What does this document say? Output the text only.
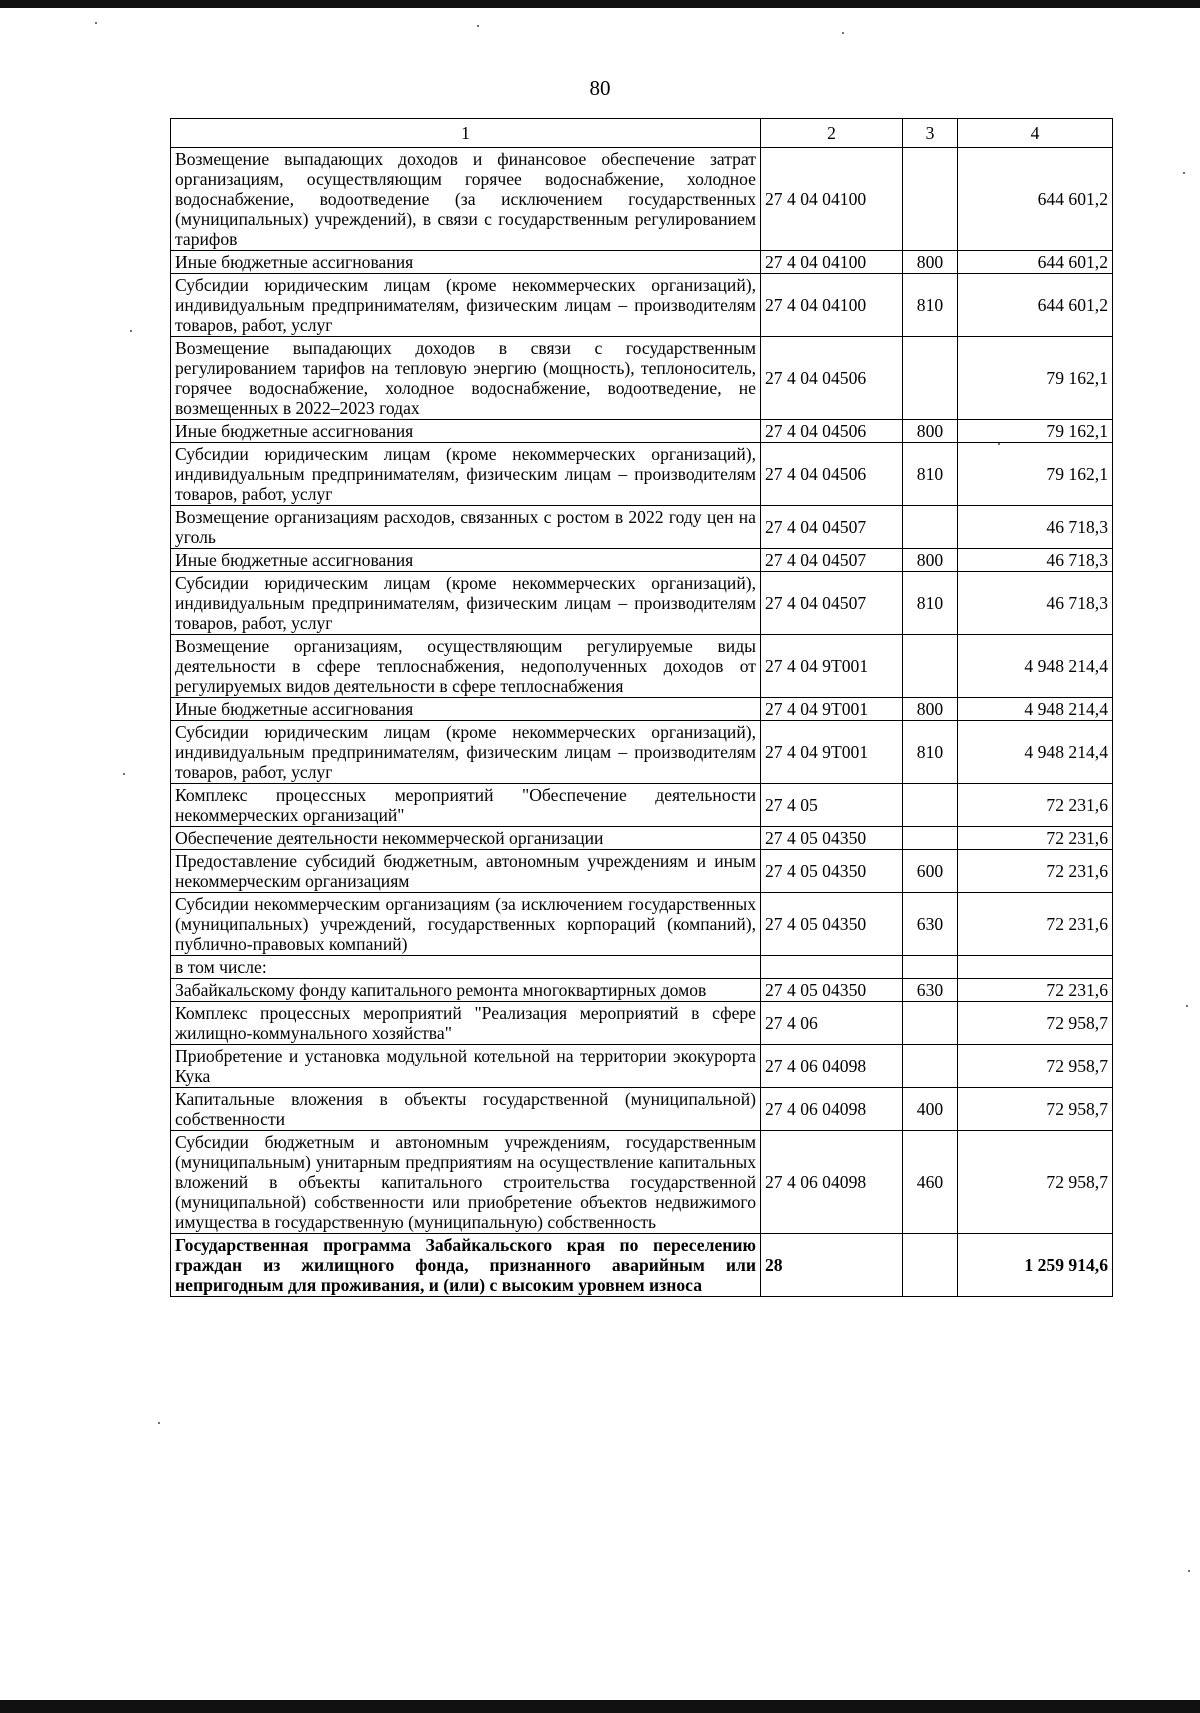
80
1	2	3	4
Возмещение выпадающих доходов и финансовое обеспечение затрат организациям, осуществляющим горячее водоснабжение, холодное водоснабжение, водоотведение (за исключением государственных (муниципальных) учреждений), в связи с государственным регулированием тарифов	27 4 04 04100		644 601,2
Иные бюджетные ассигнования	27 4 04 04100	800	644 601,2
Субсидии юридическим лицам (кроме некоммерческих организаций), индивидуальным предпринимателям, физическим лицам – производителям товаров, работ, услуг	27 4 04 04100	810	644 601,2
Возмещение выпадающих доходов в связи с государственным регулированием тарифов на тепловую энергию (мощность), теплоноситель, горячее водоснабжение, холодное водоснабжение, водоотведение, не возмещенных в 2022–2023 годах	27 4 04 04506		79 162,1
Иные бюджетные ассигнования	27 4 04 04506	800	79 162,1
Субсидии юридическим лицам (кроме некоммерческих организаций), индивидуальным предпринимателям, физическим лицам – производителям товаров, работ, услуг	27 4 04 04506	810	79 162,1
Возмещение организациям расходов, связанных с ростом в 2022 году цен на уголь	27 4 04 04507		46 718,3
Иные бюджетные ассигнования	27 4 04 04507	800	46 718,3
Субсидии юридическим лицам (кроме некоммерческих организаций), индивидуальным предпринимателям, физическим лицам – производителям товаров, работ, услуг	27 4 04 04507	810	46 718,3
Возмещение организациям, осуществляющим регулируемые виды деятельности в сфере теплоснабжения, недополученных доходов от регулируемых видов деятельности в сфере теплоснабжения	27 4 04 9Т001		4 948 214,4
Иные бюджетные ассигнования	27 4 04 9Т001	800	4 948 214,4
Субсидии юридическим лицам (кроме некоммерческих организаций), индивидуальным предпринимателям, физическим лицам – производителям товаров, работ, услуг	27 4 04 9Т001	810	4 948 214,4
Комплекс процессных мероприятий "Обеспечение деятельности некоммерческих организаций"	27 4 05		72 231,6
Обеспечение деятельности некоммерческой организации	27 4 05 04350		72 231,6
Предоставление субсидий бюджетным, автономным учреждениям и иным некоммерческим организациям	27 4 05 04350	600	72 231,6
Субсидии некоммерческим организациям (за исключением государственных (муниципальных) учреждений, государственных корпораций (компаний), публично-правовых компаний)	27 4 05 04350	630	72 231,6
в том числе:			
Забайкальскому фонду капитального ремонта многоквартирных домов	27 4 05 04350	630	72 231,6
Комплекс процессных мероприятий "Реализация мероприятий в сфере жилищно-коммунального хозяйства"	27 4 06		72 958,7
Приобретение и установка модульной котельной на территории экокурорта Кука	27 4 06 04098		72 958,7
Капитальные вложения в объекты государственной (муниципальной) собственности	27 4 06 04098	400	72 958,7
Субсидии бюджетным и автономным учреждениям, государственным (муниципальным) унитарным предприятиям на осуществление капитальных вложений в объекты капитального строительства государственной (муниципальной) собственности или приобретение объектов недвижимого имущества в государственную (муниципальную) собственность	27 4 06 04098	460	72 958,7
Государственная программа Забайкальского края по переселению граждан из жилищного фонда, признанного аварийным или непригодным для проживания, и (или) с высоким уровнем износа	28		1 259 914,6
